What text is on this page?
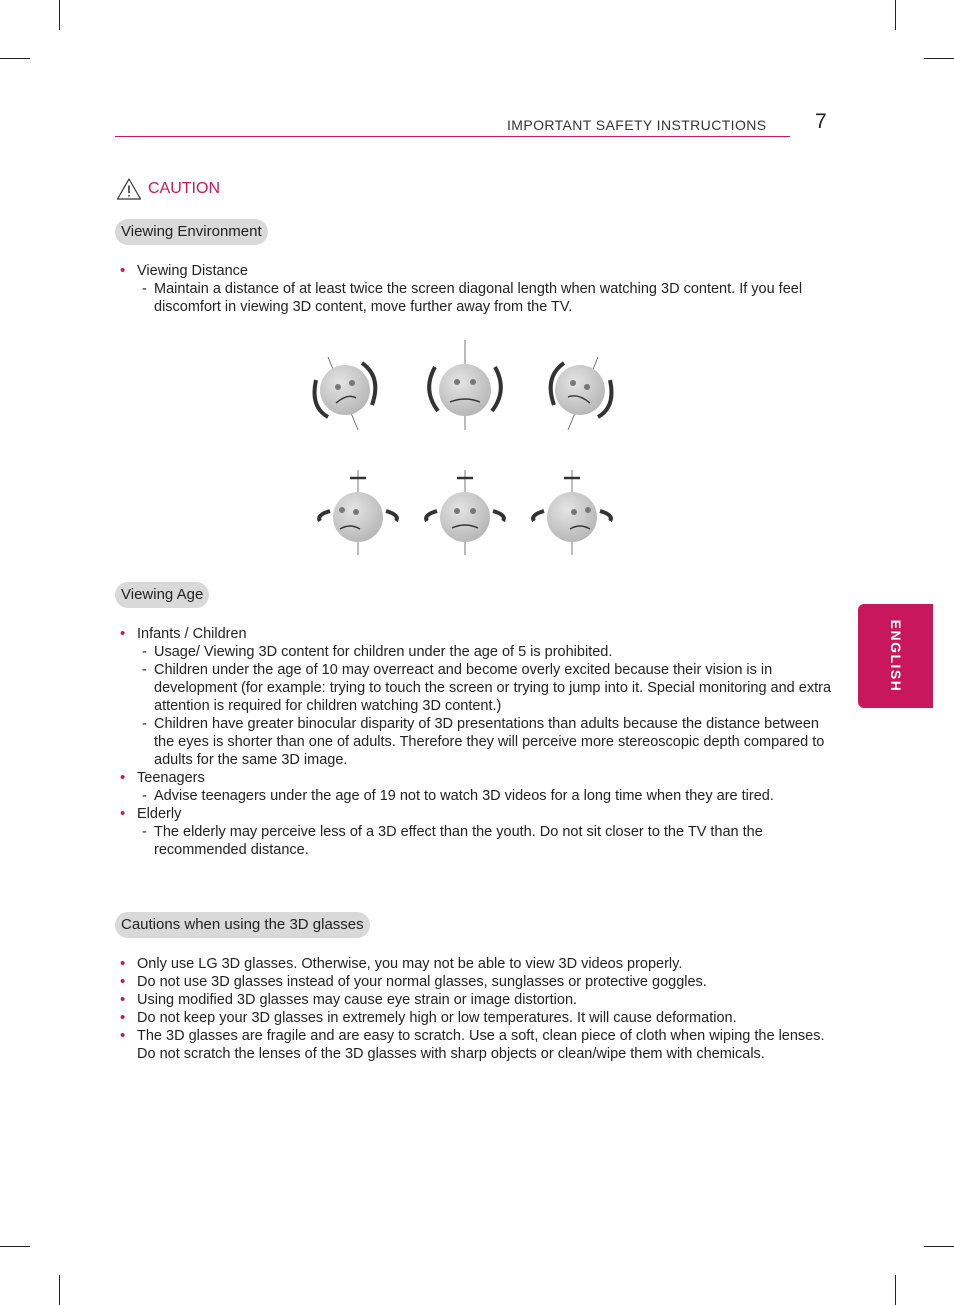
IMPORTANT SAFETY INSTRUCTIONS 7
ENGLISH
CAUTION
Viewing Environment
• Viewing Distance
- Maintain a distance of at least twice the screen diagonal length when watching 3D content. If you feel discomfort in viewing 3D content, move further away from the TV.
Viewing Age
• Infants / Children
- Usage/ Viewing 3D content for children under the age of 5 is prohibited.
- Children under the age of 10 may overreact and become overly excited because their vision is in development (for example: trying to touch the screen or trying to jump into it. Special monitoring and extra attention is required for children watching 3D content.)
- Children have greater binocular disparity of 3D presentations than adults because the distance between the eyes is shorter than one of adults. Therefore they will perceive more stereoscopic depth compared to adults for the same 3D image.
• Teenagers
- Advise teenagers under the age of 19 not to watch 3D videos for a long time when they are tired.
• Elderly
- The elderly may perceive less of a 3D effect than the youth. Do not sit closer to the TV than the recommended distance.
Cautions when using the 3D glasses
• Only use LG 3D glasses. Otherwise, you may not be able to view 3D videos properly.
• Do not use 3D glasses instead of your normal glasses, sunglasses or protective goggles.
• Using modified 3D glasses may cause eye strain or image distortion.
• Do not keep your 3D glasses in extremely high or low temperatures. It will cause deformation.
• The 3D glasses are fragile and are easy to scratch. Use a soft, clean piece of cloth when wiping the lenses. Do not scratch the lenses of the 3D glasses with sharp objects or clean/wipe them with chemicals.
